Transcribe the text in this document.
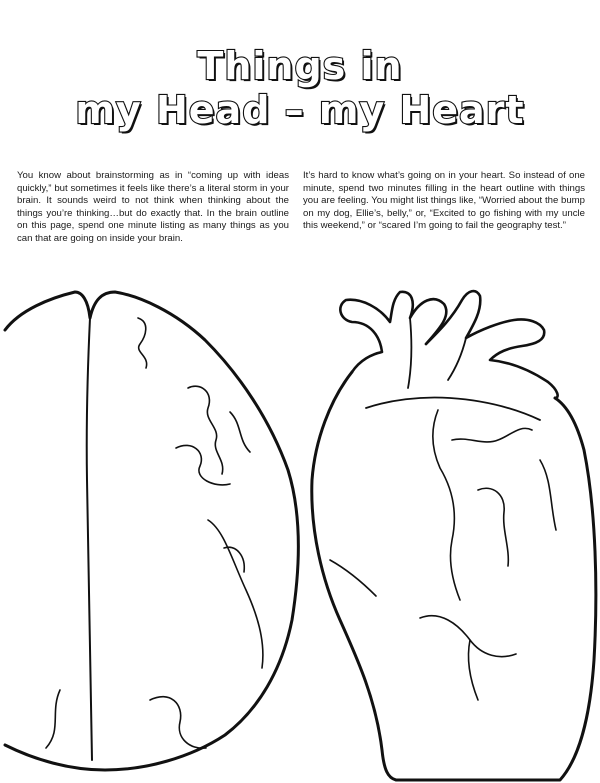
Things in
my Head – my Heart

You know about brainstorming as in “coming up with ideas quickly,” but sometimes it feels like there’s a literal storm in your brain. It sounds weird to not think when thinking about the things you’re thinking…but do exactly that. In the brain outline on this page, spend one minute listing as many things as you can that are going on inside your brain.

It’s hard to know what’s going on in your heart. So instead of one minute, spend two minutes filling in the heart outline with things you are feeling. You might list things like, “Worried about the bump on my dog, Ellie’s, belly,” or, “Excited to go fishing with my uncle this weekend,” or “scared I’m going to fail the geography test.”
